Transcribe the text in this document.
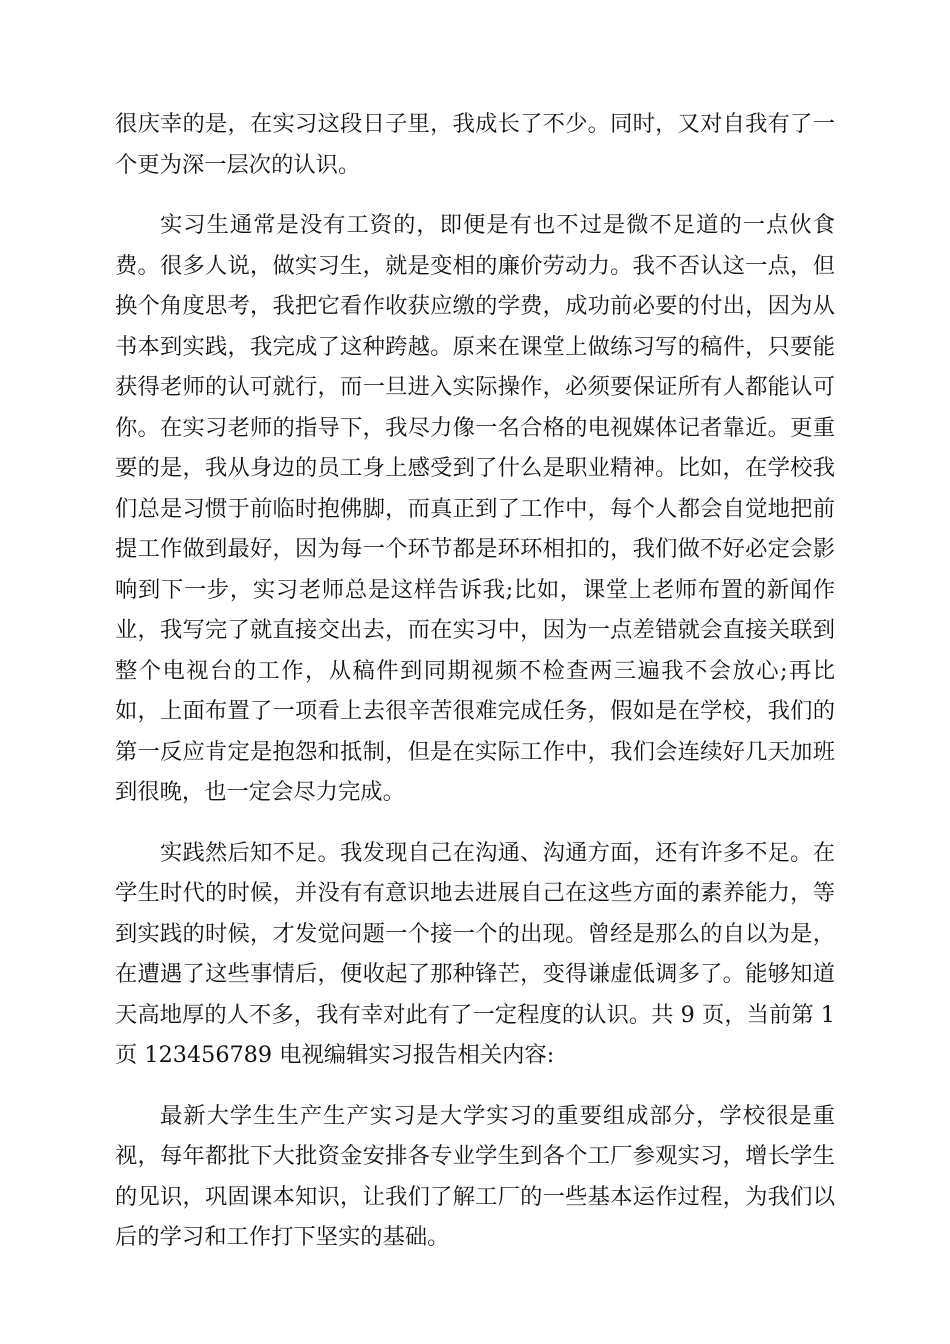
很庆幸的是，在实习这段日子里，我成长了不少。同时，又对自我有了一个更为深一层次的认识。

实习生通常是没有工资的，即便是有也不过是微不足道的一点伙食费。很多人说，做实习生，就是变相的廉价劳动力。我不否认这一点，但换个角度思考，我把它看作收获应缴的学费，成功前必要的付出，因为从书本到实践，我完成了这种跨越。原来在课堂上做练习写的稿件，只要能获得老师的认可就行，而一旦进入实际操作，必须要保证所有人都能认可你。在实习老师的指导下，我尽力像一名合格的电视媒体记者靠近。更重要的是，我从身边的员工身上感受到了什么是职业精神。比如，在学校我们总是习惯于前临时抱佛脚，而真正到了工作中，每个人都会自觉地把前提工作做到最好，因为每一个环节都是环环相扣的，我们做不好必定会影响到下一步，实习老师总是这样告诉我;比如，课堂上老师布置的新闻作业，我写完了就直接交出去，而在实习中，因为一点差错就会直接关联到整个电视台的工作，从稿件到同期视频不检查两三遍我不会放心;再比如，上面布置了一项看上去很辛苦很难完成任务，假如是在学校，我们的第一反应肯定是抱怨和抵制，但是在实际工作中，我们会连续好几天加班到很晚，也一定会尽力完成。

实践然后知不足。我发现自己在沟通、沟通方面，还有许多不足。在学生时代的时候，并没有有意识地去进展自己在这些方面的素养能力，等到实践的时候，才发觉问题一个接一个的出现。曾经是那么的自以为是，在遭遇了这些事情后，便收起了那种锋芒，变得谦虚低调多了。能够知道天高地厚的人不多，我有幸对此有了一定程度的认识。共 9 页，当前第 1 页 123456789 电视编辑实习报告相关内容:

最新大学生生产生产实习是大学实习的重要组成部分，学校很是重视，每年都批下大批资金安排各专业学生到各个工厂参观实习，增长学生的见识，巩固课本知识，让我们了解工厂的一些基本运作过程，为我们以后的学习和工作打下坚实的基础。
